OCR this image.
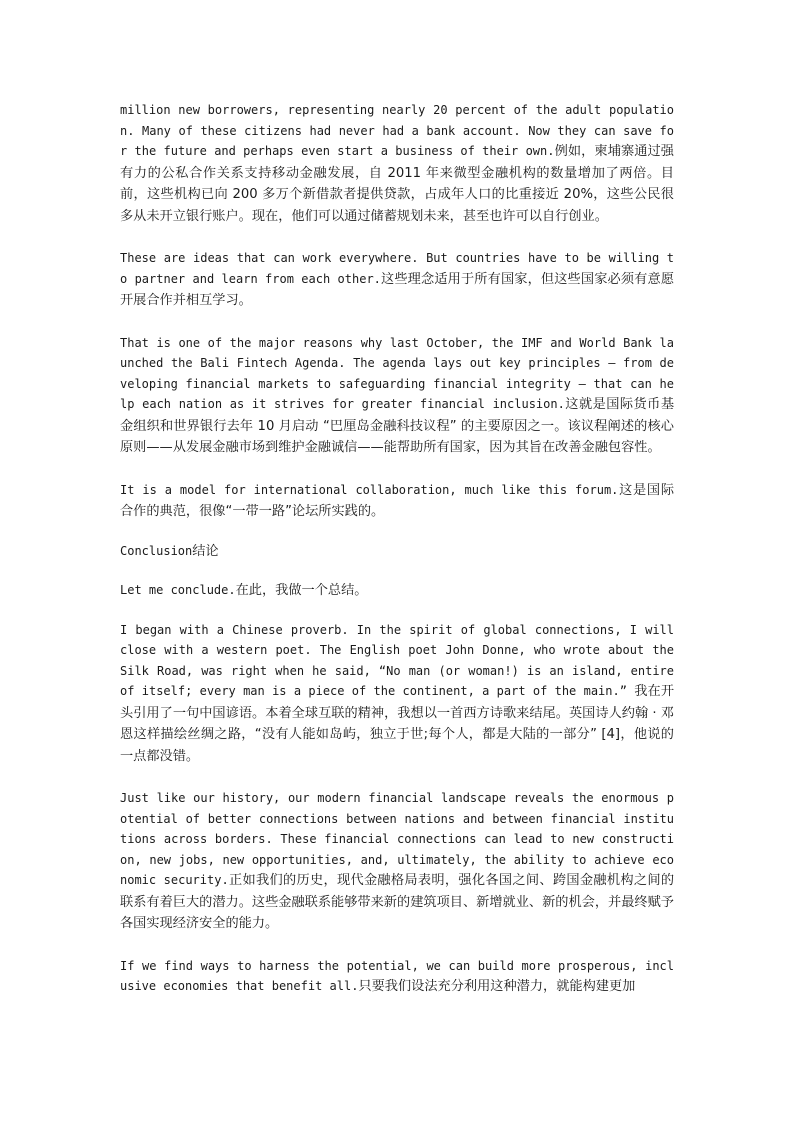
million new borrowers, representing nearly 20 percent of the adult population. Many of these citizens had never had a bank account. Now they can save for the future and perhaps even start a business of their own.例如，柬埔寨通过强有力的公私合作关系支持移动金融发展，自 2011 年来微型金融机构的数量增加了两倍。目前，这些机构已向 200 多万个新借款者提供贷款，占成年人口的比重接近 20%，这些公民很多从未开立银行账户。现在，他们可以通过储蓄规划未来，甚至也许可以自行创业。

These are ideas that can work everywhere. But countries have to be willing to partner and learn from each other.这些理念适用于所有国家，但这些国家必须有意愿开展合作并相互学习。

That is one of the major reasons why last October, the IMF and World Bank launched the Bali Fintech Agenda. The agenda lays out key principles — from developing financial markets to safeguarding financial integrity — that can help each nation as it strives for greater financial inclusion.这就是国际货币基金组织和世界银行去年 10 月启动 “巴厘岛金融科技议程” 的主要原因之一。该议程阐述的核心原则——从发展金融市场到维护金融诚信——能帮助所有国家，因为其旨在改善金融包容性。

It is a model for international collaboration, much like this forum.这是国际合作的典范，很像“一带一路”论坛所实践的。

Conclusion结论

Let me conclude.在此，我做一个总结。

I began with a Chinese proverb. In the spirit of global connections, I will close with a western poet. The English poet John Donne, who wrote about the Silk Road, was right when he said, “No man (or woman!) is an island, entire of itself; every man is a piece of the continent, a part of the main.” 我在开头引用了一句中国谚语。本着全球互联的精神，我想以一首西方诗歌来结尾。英国诗人约翰 · 邓恩这样描绘丝绸之路，“没有人能如岛屿，独立于世;每个人，都是大陆的一部分” [4]，他说的一点都没错。

Just like our history, our modern financial landscape reveals the enormous potential of better connections between nations and between financial institutions across borders. These financial connections can lead to new construction, new jobs, new opportunities, and, ultimately, the ability to achieve economic security.正如我们的历史，现代金融格局表明，强化各国之间、跨国金融机构之间的联系有着巨大的潜力。这些金融联系能够带来新的建筑项目、新增就业、新的机会，并最终赋予各国实现经济安全的能力。

If we find ways to harness the potential, we can build more prosperous, inclusive economies that benefit all.只要我们设法充分利用这种潜力，就能构建更加
